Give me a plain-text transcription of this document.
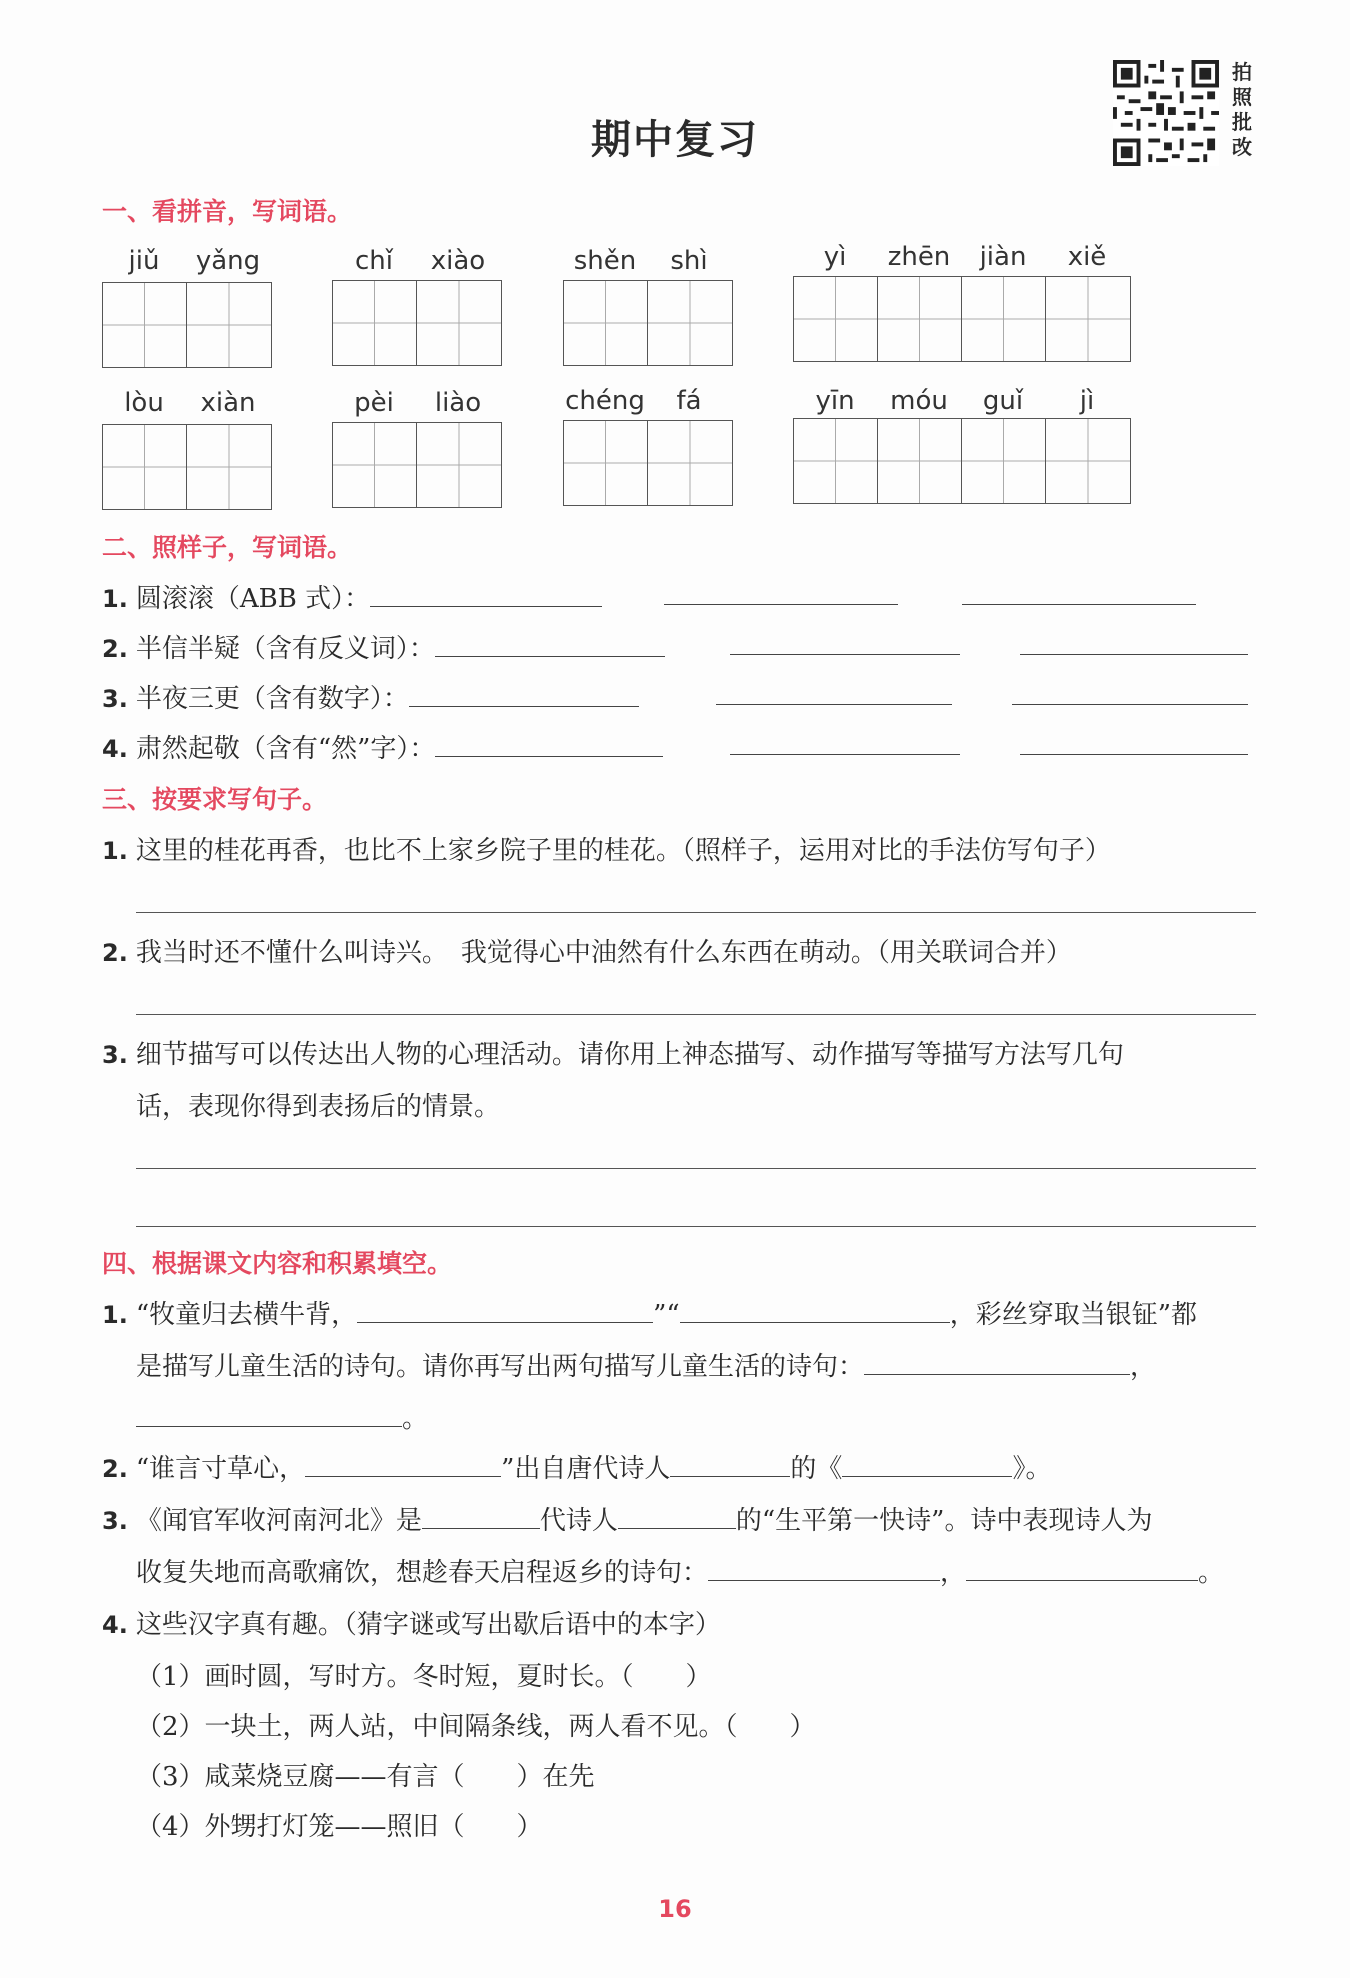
期中复习
拍
照
批
改
一、看拼音，写词语。
jiǔ	yǎng	chǐ	xiào	shěn	shì	yì	zhēn	jiàn	xiě
lòu	xiàn	pèi	liào	chéng	fá	yīn	móu	guǐ	jì
二、照样子，写词语。
1. 圆滚滚（ABB 式）：
2. 半信半疑（含有反义词）：
3. 半夜三更（含有数字）：
4. 肃然起敬（含有“然”字）：
三、按要求写句子。
1. 这里的桂花再香，也比不上家乡院子里的桂花。（照样子，运用对比的手法仿写句子）
2. 我当时还不懂什么叫诗兴。　我觉得心中油然有什么东西在萌动。（用关联词合并）
3. 细节描写可以传达出人物的心理活动。请你用上神态描写、动作描写等描写方法写几句
话，表现你得到表扬后的情景。
四、根据课文内容和积累填空。
1. “牧童归去横牛背，	”“	，彩丝穿取当银钲”都
是描写儿童生活的诗句。请你再写出两句描写儿童生活的诗句：	，
。
2. “谁言寸草心，	”出自唐代诗人	的《	》。
3. 《闻官军收河南河北》是	代诗人	的“生平第一快诗”。诗中表现诗人为
收复失地而高歌痛饮，想趁春天启程返乡的诗句：	，	。
4. 这些汉字真有趣。（猜字谜或写出歇后语中的本字）
（1）画时圆，写时方。冬时短，夏时长。（　　）
（2）一块土，两人站，中间隔条线，两人看不见。（　　）
（3）咸菜烧豆腐——有言（　　）在先
（4）外甥打灯笼——照旧（　　）
16
